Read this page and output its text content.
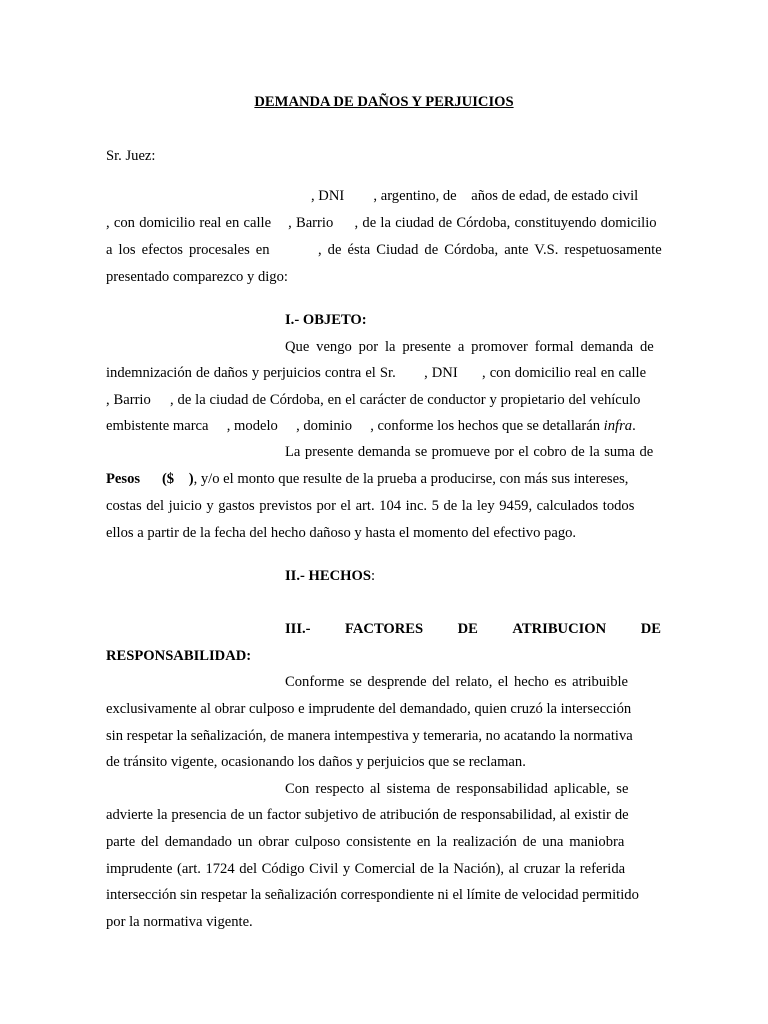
DEMANDA DE DAÑOS Y PERJUICIOS
Sr. Juez:
, DNI        , argentino, de    años de edad, de estado civil
, con domicilio real en calle    , Barrio     , de la ciudad de Córdoba, constituyendo domicilio
a los efectos procesales en        , de ésta Ciudad de Córdoba, ante V.S. respetuosamente
presentado comparezco y digo:
I.- OBJETO:
Que vengo por la presente a promover formal demanda de
indemnización de daños y perjuicios contra el Sr.       , DNI      , con domicilio real en calle
, Barrio     , de la ciudad de Córdoba, en el carácter de conductor y propietario del vehículo
embistente marca     , modelo     , dominio     , conforme los hechos que se detallarán infra.
La presente demanda se promueve por el cobro de la suma de
Pesos      ($    ), y/o el monto que resulte de la prueba a producirse, con más sus intereses,
costas del juicio y gastos previstos por el art. 104 inc. 5 de la ley 9459, calculados todos
ellos a partir de la fecha del hecho dañoso y hasta el momento del efectivo pago.
II.- HECHOS:
III.- FACTORES DE ATRIBUCION DE
RESPONSABILIDAD:
Conforme se desprende del relato, el hecho es atribuible
exclusivamente al obrar culposo e imprudente del demandado, quien cruzó la intersección
sin respetar la señalización, de manera intempestiva y temeraria, no acatando la normativa
de tránsito vigente, ocasionando los daños y perjuicios que se reclaman.
Con respecto al sistema de responsabilidad aplicable, se
advierte la presencia de un factor subjetivo de atribución de responsabilidad, al existir de
parte del demandado un obrar culposo consistente en la realización de una maniobra
imprudente (art. 1724 del Código Civil y Comercial de la Nación), al cruzar la referida
intersección sin respetar la señalización correspondiente ni el límite de velocidad permitido
por la normativa vigente.
